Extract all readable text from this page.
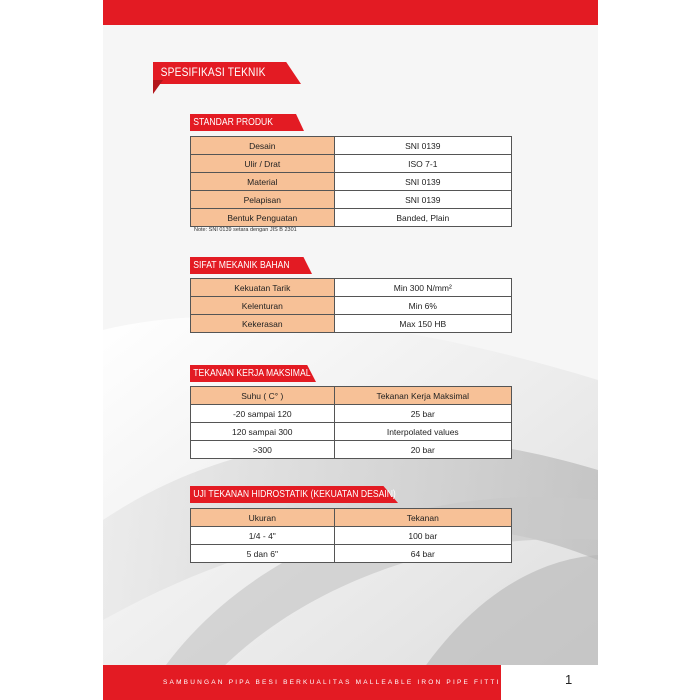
SPESIFIKASI TEKNIK
STANDAR PRODUK
Desain	SNI 0139
Ulir / Drat	ISO 7-1
Material	SNI 0139
Pelapisan	SNI 0139
Bentuk Penguatan	Banded, Plain
Note: SNI 0139 setara dengan JIS B 2301
SIFAT MEKANIK BAHAN
Kekuatan Tarik	Min 300 N/mm²
Kelenturan	Min 6%
Kekerasan	Max 150 HB
TEKANAN KERJA MAKSIMAL
Suhu ( C° )	Tekanan Kerja Maksimal
-20 sampai 120	25 bar
120 sampai 300	Interpolated values
>300	20 bar
UJI TEKANAN HIDROSTATIK (KEKUATAN DESAIN)
Ukuran	Tekanan
1/4 - 4"	100 bar
5 dan 6"	64 bar
SAMBUNGAN PIPA BESI BERKUALITAS MALLEABLE IRON PIPE FITTINGS |	1
